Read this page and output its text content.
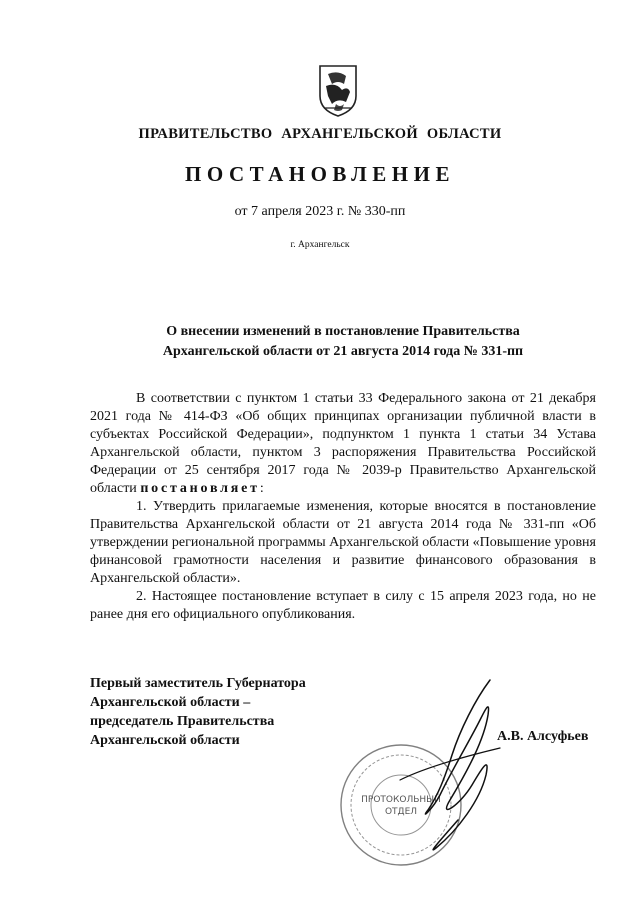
ПРАВИТЕЛЬСТВО АРХАНГЕЛЬСКОЙ ОБЛАСТИ
ПОСТАНОВЛЕНИЕ
от 7 апреля 2023 г. № 330-пп
г. Архангельск
О внесении изменений в постановление Правительства
Архангельской области от 21 августа 2014 года № 331-пп

В соответствии с пунктом 1 статьи 33 Федерального закона от 21 декабря 2021 года № 414-ФЗ «Об общих принципах организации публичной власти в субъектах Российской Федерации», подпунктом 1 пункта 1 статьи 34 Устава Архангельской области, пунктом 3 распоряжения Правительства Российской Федерации от 25 сентября 2017 года № 2039-р Правительство Архангельской области постановляет:

1. Утвердить прилагаемые изменения, которые вносятся в постановление Правительства Архангельской области от 21 августа 2014 года № 331-пп «Об утверждении региональной программы Архангельской области «Повышение уровня финансовой грамотности населения и развитие финансового образования в Архангельской области».

2. Настоящее постановление вступает в силу с 15 апреля 2023 года, но не ранее дня его официального опубликования.

Первый заместитель Губернатора
Архангельской области –
председатель Правительства
Архангельской области	А.В. Алсуфьев
ПРОТОКОЛЬНЫЙ
ОТДЕЛ
